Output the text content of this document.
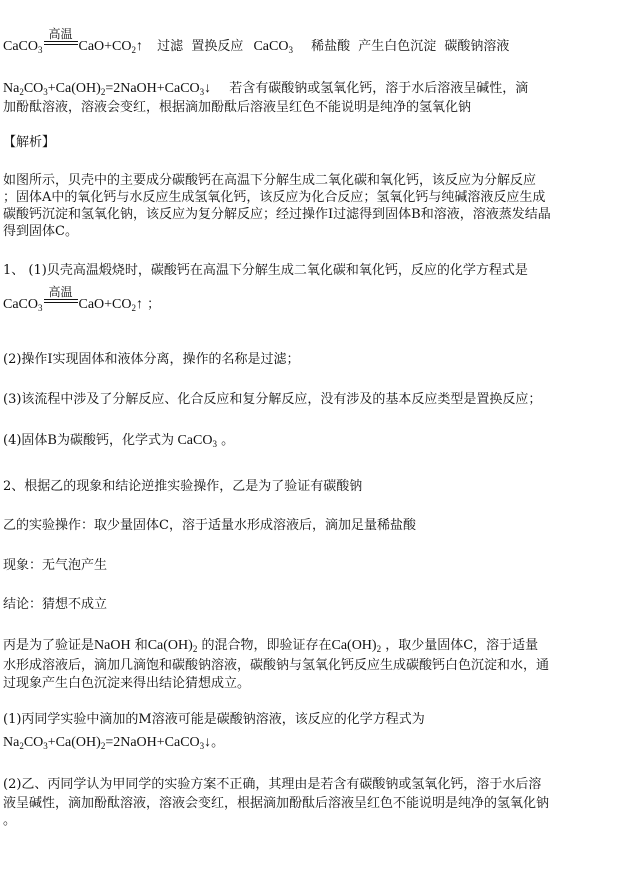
CaCO$_3$
高温
$CaO+CO_2↑$ 过滤 置换反应 CaCO$_3$ 稀盐酸 产生白色沉淀 碳酸钠溶液
$Na_2CO_3+Ca(OH)_2=2NaOH+CaCO_3↓$ 若含有碳酸钠或氢氧化钙，溶于水后溶液呈碱性，滴
加酚酞溶液，溶液会变红，根据滴加酚酞后溶液呈红色不能说明是纯净的氢氧化钠
【解析】
如图所示，贝壳中的主要成分碳酸钙在高温下分解生成二氧化碳和氧化钙，该反应为分解反应
；固体A中的氧化钙与水反应生成氢氧化钙，该反应为化合反应；氢氧化钙与纯碱溶液反应生成
碳酸钙沉淀和氢氧化钠，该反应为复分解反应；经过操作I过滤得到固体B和溶液，溶液蒸发结晶
得到固体C。
1、 (1)贝壳高温煅烧时，碳酸钙在高温下分解生成二氧化碳和氧化钙，反应的化学方程式是
CaCO$_3$
高温
$CaO+CO_2↑$ ；
(2)操作I实现固体和液体分离，操作的名称是过滤；
(3)该流程中涉及了分解反应、化合反应和复分解反应，没有涉及的基本反应类型是置换反应；
(4)固体B为碳酸钙，化学式为 CaCO$_3$ 。
2、根据乙的现象和结论逆推实验操作，乙是为了验证有碳酸钠
乙的实验操作：取少量固体C，溶于适量水形成溶液后，滴加足量稀盐酸
现象：无气泡产生
结论：猜想不成立
丙是为了验证是NaOH 和$Ca(OH)_2$ 的混合物，即验证存在$Ca(OH)_2$ ，取少量固体C，溶于适量
水形成溶液后，滴加几滴饱和碳酸钠溶液，碳酸钠与氢氧化钙反应生成碳酸钙白色沉淀和水，通
过现象产生白色沉淀来得出结论猜想成立。
(1)丙同学实验中滴加的M溶液可能是碳酸钠溶液，该反应的化学方程式为
$Na_2CO_3+Ca(OH)_2=2NaOH+CaCO_3↓$。
(2)乙、丙同学认为甲同学的实验方案不正确，其理由是若含有碳酸钠或氢氧化钙，溶于水后溶
液呈碱性，滴加酚酞溶液，溶液会变红，根据滴加酚酞后溶液呈红色不能说明是纯净的氢氧化钠
。
